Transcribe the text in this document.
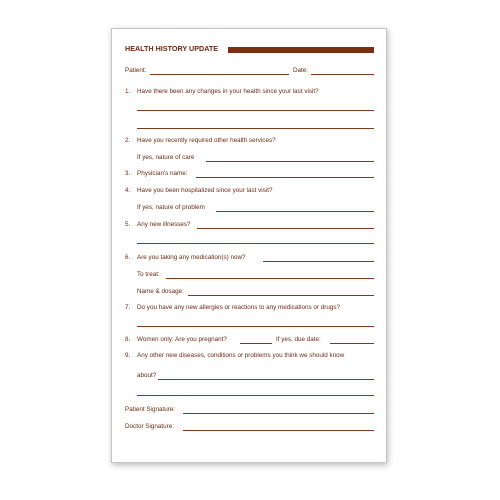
HEALTH HISTORY UPDATE
Patient:	Date:
1. Have there been any changes in your health since your last visit?
2. Have you recently required other health services?
If yes, nature of care
3. Physician's name:
4. Have you been hospitalized since your last visit?
If yes, nature of problem
5. Any new illnesses?
6. Are you taking any medication(s) now?
To treat:
Name & dosage:
7. Do you have any new allergies or reactions to any medications or drugs?
8. Women only: Are you pregnant?	If yes, due date:
9. Any other new diseases, conditions or problems you think we should know
about?
Patient Signature:
Doctor Signature:
